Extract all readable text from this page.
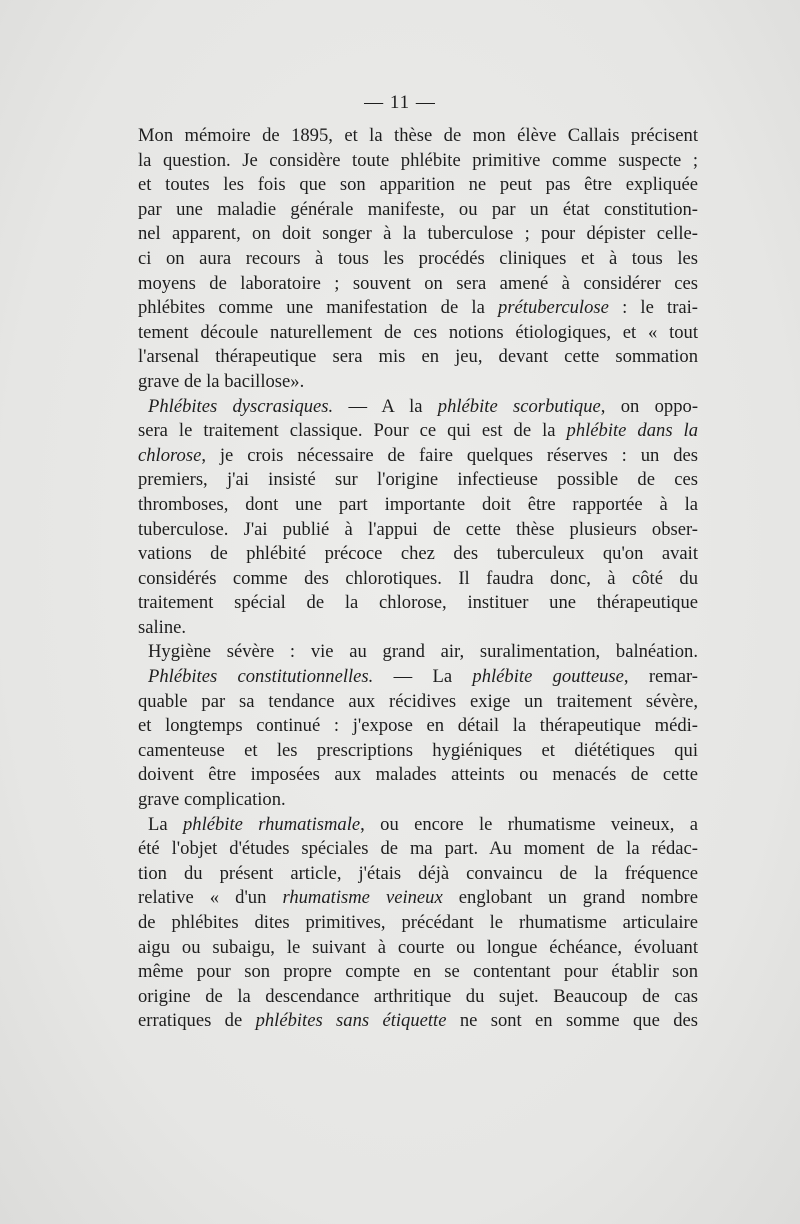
— 11 —
Mon mémoire de 1895, et la thèse de mon élève Callais précisent
la question. Je considère toute phlébite primitive comme suspecte ;
et toutes les fois que son apparition ne peut pas être expliquée
par une maladie générale manifeste, ou par un état constitution-
nel apparent, on doit songer à la tuberculose ; pour dépister celle-
ci on aura recours à tous les procédés cliniques et à tous les
moyens de laboratoire ; souvent on sera amené à considérer ces
phlébites comme une manifestation de la prétuberculose : le trai-
tement découle naturellement de ces notions étiologiques, et « tout
l'arsenal thérapeutique sera mis en jeu, devant cette sommation
grave de la bacillose».
Phlébites dyscrasiques. — A la phlébite scorbutique, on oppo-
sera le traitement classique. Pour ce qui est de la phlébite dans la
chlorose, je crois nécessaire de faire quelques réserves : un des
premiers, j'ai insisté sur l'origine infectieuse possible de ces
thromboses, dont une part importante doit être rapportée à la
tuberculose. J'ai publié à l'appui de cette thèse plusieurs obser-
vations de phlébité précoce chez des tuberculeux qu'on avait
considérés comme des chlorotiques. Il faudra donc, à côté du
traitement spécial de la chlorose, instituer une thérapeutique
saline.
Hygiène sévère : vie au grand air, suralimentation, balnéation.
Phlébites constitutionnelles. — La phlébite goutteuse, remar-
quable par sa tendance aux récidives exige un traitement sévère,
et longtemps continué : j'expose en détail la thérapeutique médi-
camenteuse et les prescriptions hygiéniques et diététiques qui
doivent être imposées aux malades atteints ou menacés de cette
grave complication.
La phlébite rhumatismale, ou encore le rhumatisme veineux, a
été l'objet d'études spéciales de ma part. Au moment de la rédac-
tion du présent article, j'étais déjà convaincu de la fréquence
relative « d'un rhumatisme veineux englobant un grand nombre
de phlébites dites primitives, précédant le rhumatisme articulaire
aigu ou subaigu, le suivant à courte ou longue échéance, évoluant
même pour son propre compte en se contentant pour établir son
origine de la descendance arthritique du sujet. Beaucoup de cas
erratiques de phlébites sans étiquette ne sont en somme que des
